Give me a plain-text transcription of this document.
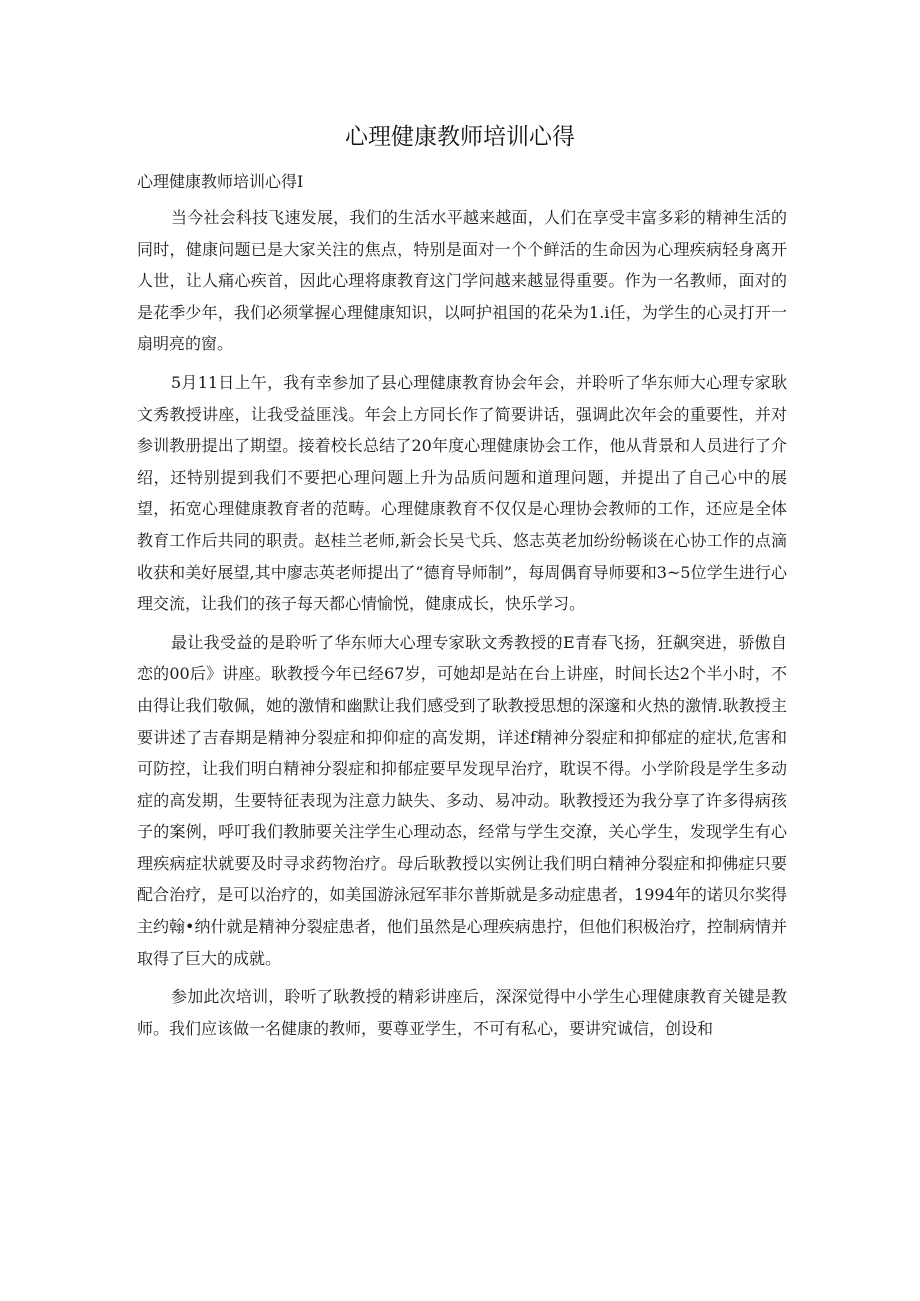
心理健康教师培训心得

心理健康教师培训心得I

当今社会科技飞速发展，我们的生活水平越来越面，人们在享受丰富多彩的精神生活的同时，健康问题已是大家关注的焦点，特别是面对一个个鲜活的生命因为心理疾病轻身离开人世，让人痛心疾首，因此心理将康教育这门学问越来越显得重要。作为一名教师，面对的是花季少年，我们必须掌握心理健康知识，以呵护祖国的花朵为1.i任，为学生的心灵打开一扇明亮的窗。

5月11日上午，我有幸参加了县心理健康教育协会年会，并聆听了华东师大心理专家耿文秀教授讲座，让我受益匪浅。年会上方同长作了简要讲话，强调此次年会的重要性，并对参训教册提出了期望。接着校长总结了20年度心理健康协会工作，他从背景和人员进行了介绍，还特别提到我们不要把心理问题上升为品质问题和道理问题，并提出了自己心中的展望，拓宽心理健康教育者的范畴。心理健康教育不仅仅是心理协会教师的工作，还应是全体教育工作后共同的职责。赵桂兰老师,新会长吴弋兵、悠志英老加纷纷畅谈在心协工作的点滴收获和美好展望,其中廖志英老师提出了“德育导师制”，每周偶育导师要和3~5位学生进行心理交流，让我们的孩子每天都心情愉悦，健康成长，快乐学习。

最让我受益的是聆听了华东师大心理专家耿文秀教授的E青春飞扬，狂飙突进，骄傲自恋的00后》讲座。耿教授今年已经67岁，可她却是站在台上讲座，时间长达2个半小时，不由得让我们敬佩，她的激情和幽默让我们感受到了耿教授思想的深邃和火热的激情.耿教授主要讲述了吉春期是精神分裂症和抑仰症的高发期，详述f精神分裂症和抑郁症的症状,危害和可防控，让我们明白精神分裂症和抑郁症要早发现早治疗，耽误不得。小学阶段是学生多动症的高发期，生要特征表现为注意力缺失、多动、易冲动。耿教授还为我分享了许多得病孩子的案例，呼叮我们教肺要关注学生心理动态，经常与学生交潦，关心学生，发现学生有心理疾病症状就要及时寻求药物治疗。母后耿教授以实例让我们明白精神分裂症和抑佛症只要配合治疗，是可以治疗的，如美国游泳冠军菲尔普斯就是多动症患者，1994年的诺贝尔奖得主约翰•纳什就是精神分裂症患者，他们虽然是心理疾病患拧，但他们积极治疗，控制病情并取得了巨大的成就。

参加此次培训，聆听了耿教授的精彩讲座后，深深觉得中小学生心理健康教育关键是教师。我们应该做一名健康的教师，要尊亚学生，不可有私心，要讲究诚信，创设和
